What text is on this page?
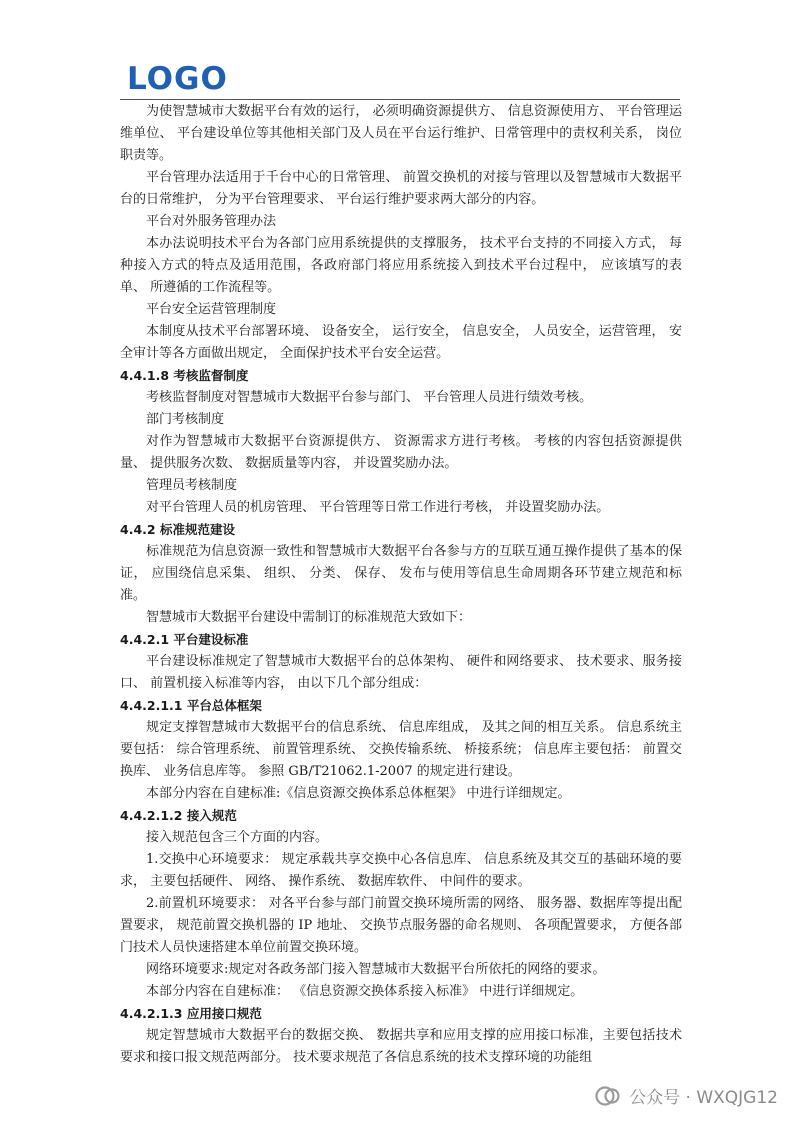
LOGO

为使智慧城市大数据平台有效的运行， 必须明确资源提供方、 信息资源使用方、 平台管理运维单位、 平台建设单位等其他相关部门及人员在平台运行维护、日常管理中的责权利关系， 岗位职责等。

平台管理办法适用于千台中心的日常管理、 前置交换机的对接与管理以及智慧城市大数据平台的日常维护， 分为平台管理要求、 平台运行维护要求两大部分的内容。

平台对外服务管理办法

本办法说明技术平台为各部门应用系统提供的支撑服务， 技术平台支持的不同接入方式， 每种接入方式的特点及适用范围，各政府部门将应用系统接入到技术平台过程中， 应该填写的表单、 所遵循的工作流程等。

平台安全运营管理制度

本制度从技术平台部署环境、 设备安全， 运行安全， 信息安全， 人员安全，运营管理， 安全审计等各方面做出规定， 全面保护技术平台安全运营。

4.4.1.8 考核监督制度

考核监督制度对智慧城市大数据平台参与部门、 平台管理人员进行绩效考核。

部门考核制度

对作为智慧城市大数据平台资源提供方、 资源需求方进行考核。 考核的内容包括资源提供量、 提供服务次数、 数据质量等内容， 并设置奖励办法。

管理员考核制度

对平台管理人员的机房管理、 平台管理等日常工作进行考核， 并设置奖励办法。

4.4.2 标准规范建设

标准规范为信息资源一致性和智慧城市大数据平台各参与方的互联互通互操作提供了基本的保证， 应围绕信息采集、 组织、 分类、 保存、 发布与使用等信息生命周期各环节建立规范和标准。

智慧城市大数据平台建设中需制订的标准规范大致如下：

4.4.2.1 平台建设标准

平台建设标准规定了智慧城市大数据平台的总体架构、 硬件和网络要求、 技术要求、服务接口、 前置机接入标准等内容， 由以下几个部分组成：

4.4.2.1.1 平台总体框架

规定支撑智慧城市大数据平台的信息系统、 信息库组成， 及其之间的相互关系。 信息系统主要包括： 综合管理系统、 前置管理系统、 交换传输系统、 桥接系统； 信息库主要包括： 前置交换库、 业务信息库等。 参照 GB/T21062.1-2007 的规定进行建设。

本部分内容在自建标准:《信息资源交换体系总体框架》 中进行详细规定。

4.4.2.1.2 接入规范

接入规范包含三个方面的内容。

1.交换中心环境要求： 规定承载共享交换中心各信息库、 信息系统及其交互的基础环境的要求， 主要包括硬件、 网络、 操作系统、 数据库软件、 中间件的要求。

2.前置机环境要求： 对各平台参与部门前置交换环境所需的网络、 服务器、数据库等提出配置要求， 规范前置交换机器的 IP 地址、 交换节点服务器的命名规则、 各项配置要求， 方便各部门技术人员快速搭建本单位前置交换环境。

网络环境要求:规定对各政务部门接入智慧城市大数据平台所依托的网络的要求。

本部分内容在自建标准： 《信息资源交换体系接入标准》 中进行详细规定。

4.4.2.1.3 应用接口规范

规定智慧城市大数据平台的数据交换、 数据共享和应用支撑的应用接口标准，主要包括技术要求和接口报文规范两部分。 技术要求规范了各信息系统的技术支撑环境的功能组

公众号 · WXQJG12
